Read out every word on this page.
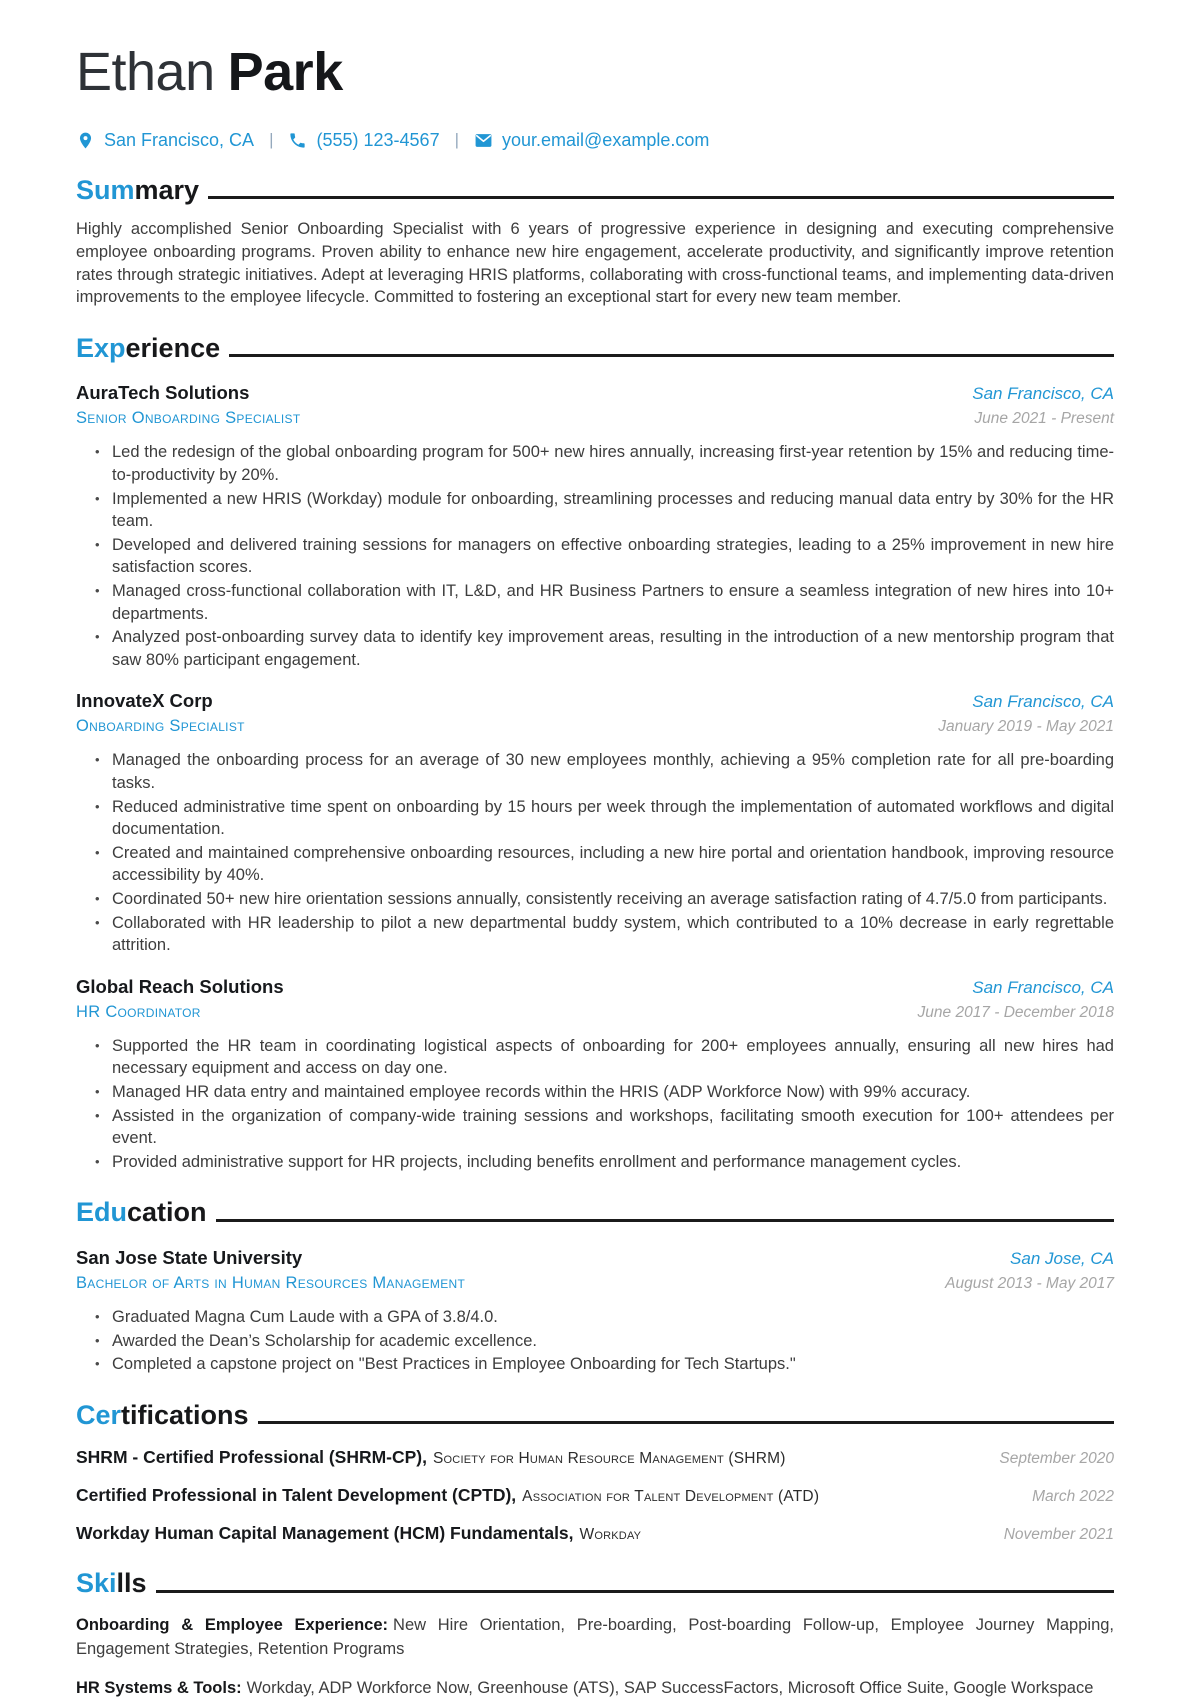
Ethan Park
San Francisco, CA | (555) 123-4567 | your.email@example.com
Sum mary

Highly accomplished Senior Onboarding Specialist with 6 years of progressive experience in designing and executing comprehensive employee onboarding programs. Proven ability to enhance new hire engagement, accelerate productivity, and significantly improve retention rates through strategic initiatives. Adept at leveraging HRIS platforms, collaborating with cross-functional teams, and implementing data-driven improvements to the employee lifecycle. Committed to fostering an exceptional start for every new team member.

Exp erience
AuraTech Solutions	San Francisco, CA
Senior Onboarding Specialist	June 2021 - Present
• Led the redesign of the global onboarding program for 500+ new hires annually, increasing first-year retention by 15% and reducing time-to-productivity by 20%.
• Implemented a new HRIS (Workday) module for onboarding, streamlining processes and reducing manual data entry by 30% for the HR team.
• Developed and delivered training sessions for managers on effective onboarding strategies, leading to a 25% improvement in new hire satisfaction scores.
• Managed cross-functional collaboration with IT, L&D, and HR Business Partners to ensure a seamless integration of new hires into 10+ departments.
• Analyzed post-onboarding survey data to identify key improvement areas, resulting in the introduction of a new mentorship program that saw 80% participant engagement.
InnovateX Corp	San Francisco, CA
Onboarding Specialist	January 2019 - May 2021
• Managed the onboarding process for an average of 30 new employees monthly, achieving a 95% completion rate for all pre-boarding tasks.
• Reduced administrative time spent on onboarding by 15 hours per week through the implementation of automated workflows and digital documentation.
• Created and maintained comprehensive onboarding resources, including a new hire portal and orientation handbook, improving resource accessibility by 40%.
• Coordinated 50+ new hire orientation sessions annually, consistently receiving an average satisfaction rating of 4.7/5.0 from participants.
• Collaborated with HR leadership to pilot a new departmental buddy system, which contributed to a 10% decrease in early regrettable attrition.
Global Reach Solutions	San Francisco, CA
HR Coordinator	June 2017 - December 2018
• Supported the HR team in coordinating logistical aspects of onboarding for 200+ employees annually, ensuring all new hires had necessary equipment and access on day one.
• Managed HR data entry and maintained employee records within the HRIS (ADP Workforce Now) with 99% accuracy.
• Assisted in the organization of company-wide training sessions and workshops, facilitating smooth execution for 100+ attendees per event.
• Provided administrative support for HR projects, including benefits enrollment and performance management cycles.
Edu cation
San Jose State University	San Jose, CA
Bachelor of Arts in Human Resources Management	August 2013 - May 2017
• Graduated Magna Cum Laude with a GPA of 3.8/4.0.
• Awarded the Dean’s Scholarship for academic excellence.
• Completed a capstone project on "Best Practices in Employee Onboarding for Tech Startups."
Cer tifications
SHRM - Certified Professional (SHRM-CP), Society for Human Resource Management (SHRM)	September 2020
Certified Professional in Talent Development (CPTD), Association for Talent Development (ATD)	March 2022
Workday Human Capital Management (HCM) Fundamentals, Workday	November 2021
Ski lls

Onboarding & Employee Experience: New Hire Orientation, Pre-boarding, Post-boarding Follow-up, Employee Journey Mapping, Engagement Strategies, Retention Programs

HR Systems & Tools: Workday, ADP Workforce Now, Greenhouse (ATS), SAP SuccessFactors, Microsoft Office Suite, Google Workspace
